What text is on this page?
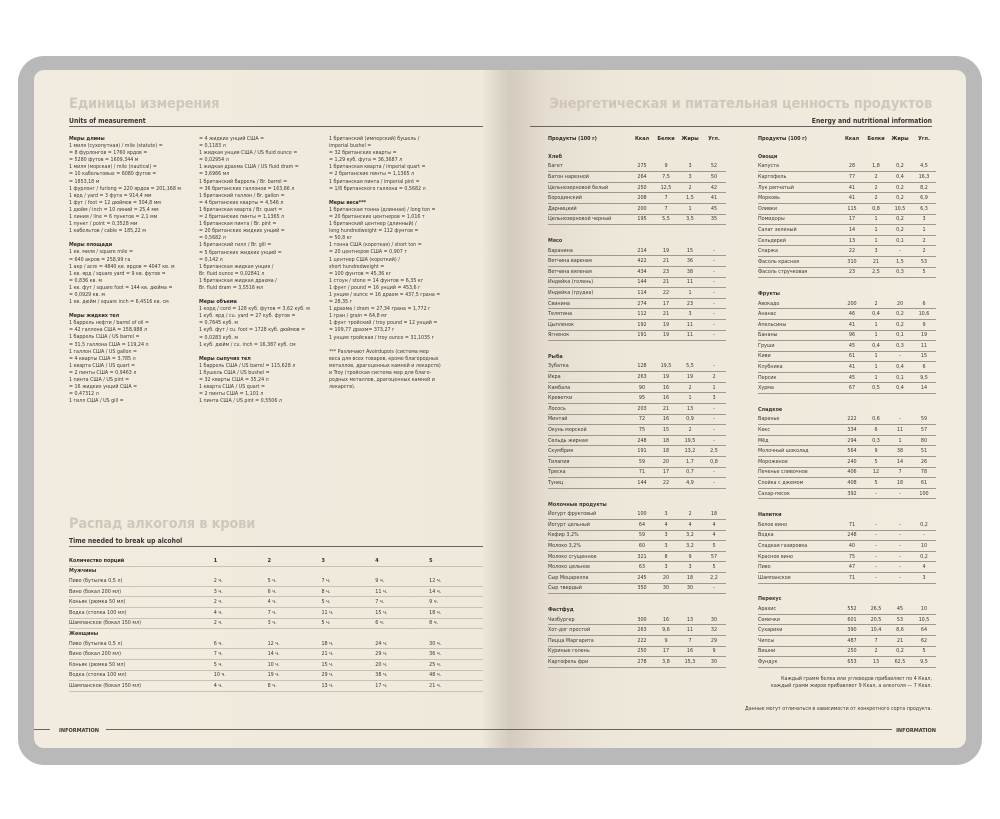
Единицы измерения
Units of measurement
Меры длины
1 миля (сухопутная) / mile (statute) =
= 8 фурлонгов = 1760 ярдов =
= 5280 футов = 1609,344 м
1 миля (морская) / mile (nautical) =
= 10 кабельтовых = 6080 футов =
= 1853,18 м
1 фурлонг / furlong = 220 ярдов = 201,168 м
1 ярд / yard = 3 фута = 914,4 мм
1 фут / foot = 12 дюймов = 304,8 мм
1 дюйм / inch = 10 линий = 25,4 мм
1 линия / line = 6 пунктов = 2,1 мм
1 пункт / point = 0,3528 мм
1 кабельтов / cable = 185,22 м
Меры площади
1 кв. миля / square mile =
= 640 акров = 258,99 га
1 акр / acre = 4840 кв. ярдов = 4047 кв. м
1 кв. ярд / square yard = 9 кв. футов =
= 0,836 кв. м
1 кв. фут / square foot = 144 кв. дюйма =
= 0,0929 кв. м
1 кв. дюйм / square inch = 6,4516 кв. см
Меры жидких тел
1 баррель нефти / barrel of oil =
= 42 галлона США = 158,988 л
1 баррель США / US barrel =
= 31,5 галлона США = 119,24 л
1 галлон США / US gallon =
= 4 кварты США = 3,785 л
1 кварта США / US quart =
= 2 пинты США = 0,9463 л
1 пинта США / US pint =
= 16 жидких унций США =
= 0,47312 л
1 гилл США / US gill =
= 4 жидких унций США =
= 0,1183 л
1 жидкая унция США / US fluid ounce =
= 0,02954 л
1 жидкая драхма США / US fluid dram =
= 3,6966 мл
1 британский баррель / Br. barrel =
= 36 британских галлонов = 163,66 л
1 британский галлон / Br. gallon =
= 4 британские кварты = 4,546 л
1 британская кварта / Br. quart =
= 2 британские пинты = 1,1365 л
1 британская пинта / Br. pint =
= 20 британских жидких унций =
= 0,5682 л
1 британский гилл / Br. gill =
= 5 британских жидких унций =
= 0,142 л
1 британская жидкая унция /
Br. fluid ounce = 0,02841 л
1 британская жидкая драхма /
Br. fluid dram = 3,5516 мл
Меры объема
1 корд / cord = 128 куб. футов = 3,62 куб. м
1 куб. ярд / cu. yard = 27 куб. футов =
= 0,7645 куб. м
1 куб. фут / cu. foot = 1728 куб. дюймов =
= 0,0283 куб. м
1 куб. дюйм / cu. inch = 16,387 куб. см
Меры сыпучих тел
1 баррель США / US barrel = 115,628 л
1 бушель США / US bushel =
= 32 кварты США = 35,24 л
1 кварта США / US quart =
= 2 пинты США = 1,101 л
1 пинта США / US pint = 0,5506 л
1 британский (имперский) бушель /
imperial bushel =
= 32 британских кварты =
= 1,29 куб. фута = 36,3687 л
1 британская кварта / imperial quart =
= 2 британские пинты = 1,1365 л
1 британская пинта / imperial pint =
= 1/8 британского галлона = 0,5682 л
Меры веса***
1 британская тонна (длинная) / long ton =
= 20 британских центнеров = 1,016 т
1 британский центнер (длинный) /
long hundredweight = 112 фунтов =
= 50,8 кг
1 тонна США (короткая) / short ton =
= 20 центнеров США = 0,907 т
1 центнер США (короткий) /
short hundredweight =
= 100 фунтов = 45,36 кг
1 стоун / stone = 14 фунтов = 6,35 кг
1 фунт / pound = 16 унций = 453,6 г
1 унция / ounce = 16 драхм = 437,5 грана =
= 28,35 г
1 драхма / dram = 27,34 грана = 1,772 г
1 гран / grain = 64,8 мг
1 фунт тройский / troy pound = 12 унций =
= 109,77 драхм= 373,27 г
1 унция тройская / troy ounce = 31,1035 г
*** Различают Avoirdupois (система мер
веса для всех товаров, кроме благородных
металлов, драгоценных камней и лекарств)
и Troy (тройская система мер для благо-
родных металлов, драгоценных камней и
лекарств).
Распад алкоголя в крови
Time needed to break up alcohol
Количество порций	1	2	3	4	5
Мужчины					
Пиво (бутылка 0,5 л)	2 ч.	5 ч.	7 ч.	9 ч.	12 ч.
Вино (бокал 200 мл)	3 ч.	6 ч.	8 ч.	11 ч.	14 ч.
Коньяк (рюмка 50 мл)	2 ч.	4 ч.	5 ч.	7 ч.	9 ч.
Водка (стопка 100 мл)	4 ч.	7 ч.	11 ч.	15 ч.	18 ч.
Шампанское (бокал 150 мл)	2 ч.	3 ч.	5 ч.	6 ч.	8 ч.
Женщины					
Пиво (бутылка 0,5 л)	6 ч.	12 ч.	18 ч.	24 ч.	30 ч.
Вино (бокал 200 мл)	7 ч.	14 ч.	21 ч.	29 ч.	36 ч.
Коньяк (рюмка 50 мл)	5 ч.	10 ч.	15 ч.	20 ч.	25 ч.
Водка (стопка 100 мл)	10 ч.	19 ч.	29 ч.	38 ч.	48 ч.
Шампанское (бокал 150 мл)	4 ч.	8 ч.	13 ч.	17 ч.	21 ч.
INFORMATION
Энергетическая и питательная ценность продуктов
Energy and nutritional information
Продукты (100 г)	Ккал	Белки	Жиры	Угл.
Хлеб				
Багет	275	9	3	52
Батон нарезной	264	7,5	3	50
Цельнозерновой белый	250	12,5	2	42
Бородинский	208	7	1,5	41
Дарницкий	200	7	1	45
Цельнозерновой черный	195	5,5	3,5	35

Мясо				
Баранина	214	19	15	-
Ветчина вареная	422	21	36	-
Ветчина вяленая	434	23	38	-
Индейка (голень)	144	21	11	-
Индейка (грудка)	114	22	1	-
Свинина	274	17	23	-
Телятина	112	21	3	-
Цыпленок	192	19	11	-
Ягненок	191	19	11	-

Рыба				
Зубатка	128	19,5	5,5	-
Икра	263	19	19	2
Камбала	90	16	2	1
Креветки	95	16	1	3
Лосось	203	21	13	-
Минтай	72	16	0,9	-
Окунь морской	75	15	2	-
Сельдь жирная	248	18	19,5	-
Скумбрия	191	18	13,2	2,5
Тилапия	59	20	1,7	0,8
Треска	71	17	0,7	-
Тунец	144	22	4,9	-

Молочные продукты				
Йогурт фруктовый	100	3	2	18
Йогурт цельный	64	4	4	4
Кефир 3,2%	59	3	3,2	4
Молоко 3,2%	60	3	3,2	5
Молоко сгущенное	321	8	9	57
Молоко цельное	63	3	3	5
Сыр Моцарелла	245	20	18	2,2
Сыр твердый	350	30	30	-

Фастфуд				
Чизбургер	300	16	13	30
Хот-дог простой	263	9,6	11	32
Пицца Маргарита	222	9	7	29
Куриные голень	250	17	16	9
Картофель фри	278	3,8	15,3	30
Продукты (100 г)	Ккал	Белки	Жиры	Угл.
Овощи				
Капуста	28	1,8	0,2	4,5
Картофель	77	2	0,4	16,3
Лук репчатый	41	2	0,2	8,2
Морковь	41	2	0,2	6,9
Оливки	115	0,8	10,5	6,3
Помидоры	17	1	0,2	3
Салат зеленый	14	1	0,2	1
Сельдерей	13	1	0,1	2
Спаржа	22	3	-	2
Фасоль красная	310	21	1,5	53
Фасоль стручковая	23	2,5	0,3	5

Фрукты				
Авокадо	200	2	20	6
Ананас	46	0,4	0,2	10,6
Апельсины	41	1	0,2	9
Бананы	96	1	0,1	19
Груши	45	0,4	0,3	11
Киви	61	1	-	15
Клубника	41	1	0,4	6
Персик	45	1	0,1	9,5
Хурма	67	0,5	0,4	14

Сладкое				
Варенье	222	0,6	-	59
Кекс	334	6	11	57
Мёд	294	0,3	1	80
Молочный шоколад	564	9	38	51
Мороженое	240	5	14	26
Печенье сливочное	406	12	7	78
Слойка с джемом	408	5	18	61
Сахар-песок	392	-	-	100

Напитки				
Белое вино	71	-	-	0,2
Водка	248	-	-	-
Сладкая газировка	40	-	-	10
Красное вино	75	-	-	0,2
Пиво	47	-	-	4
Шампанское	71	-	-	3

Перекус				
Арахис	552	26,5	45	10
Семечки	601	20,5	53	10,5
Сухарики	390	10,4	8,6	64
Чипсы	487	7	21	62
Вишни	250	2	0,2	5
Фундук	653	13	62,5	9,5
Каждый грамм белка или углеводов прибавляет по 4 Ккал,
каждый грамм жиров прибавляет 9 Ккал, а алкоголя — 7 Ккал.
Данные могут отличаться в зависимости от конкретного сорта продукта.
INFORMATION
